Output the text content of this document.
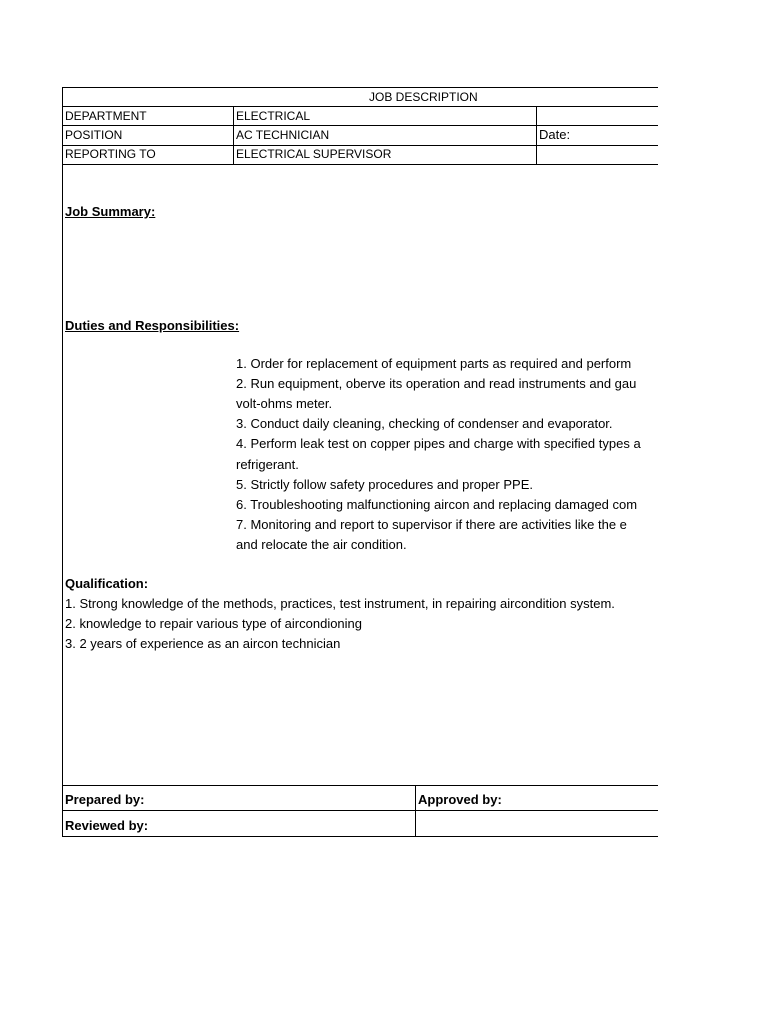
JOB DESCRIPTION
DEPARTMENT	ELECTRICAL
POSITION	AC TECHNICIAN	Date:
REPORTING TO	ELECTRICAL SUPERVISOR
Job Summary:
Duties and Responsibilities:
1. Order for replacement of equipment parts as required and perform
2. Run equipment, oberve its operation and read instruments and gau
volt-ohms meter.
3. Conduct daily cleaning, checking of condenser and evaporator.
4. Perform leak test on copper pipes and charge with specified types a
refrigerant.
5. Strictly follow safety procedures and proper PPE.
6. Troubleshooting malfunctioning aircon and replacing damaged com
7. Monitoring and report to supervisor if there are activities like the e
and relocate the air condition.
Qualification:
1. Strong knowledge of the methods, practices, test instrument, in repairing aircondition system.
2. knowledge to repair various type of aircondioning
3. 2 years of experience as an aircon technician
Prepared by:	Approved by:
Reviewed by:
